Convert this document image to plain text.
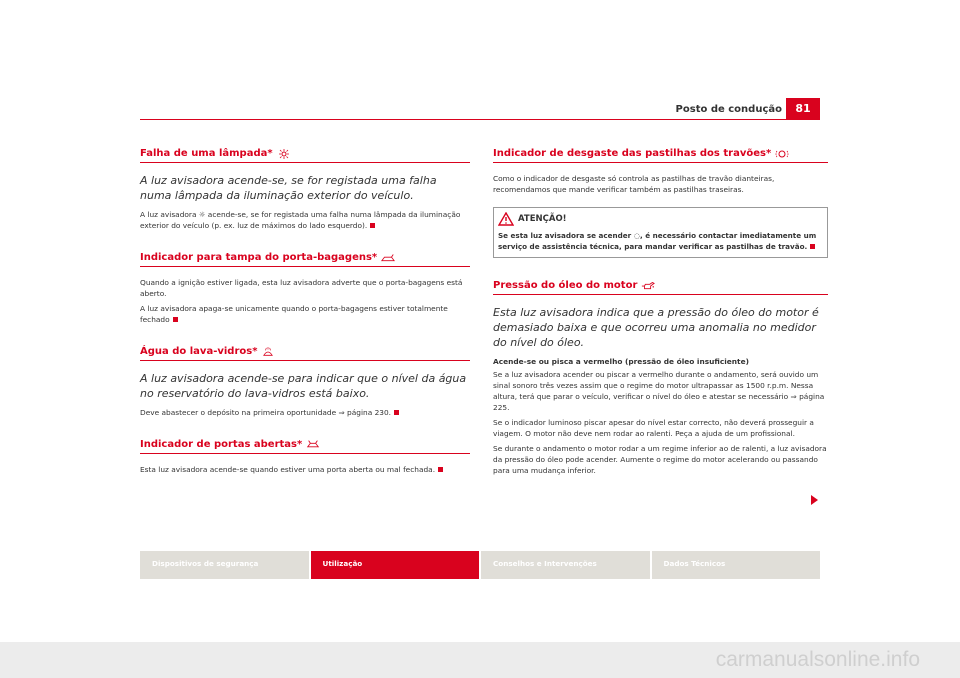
Posto de condução	81
Falha de uma lâmpada*
A luz avisadora acende-se, se for registada uma falha numa lâmpada da iluminação exterior do veículo.

A luz avisadora ☼ acende-se, se for registada uma falha numa lâmpada da iluminação exterior do veículo (p. ex. luz de máximos do lado esquerdo).

Indicador para tampa do porta-bagagens*

Quando a ignição estiver ligada, esta luz avisadora adverte que o porta-bagagens está aberto.

A luz avisadora apaga-se unicamente quando o porta-bagagens estiver totalmente fechado

Água do lava-vidros*
A luz avisadora acende-se para indicar que o nível da água no reservatório do lava-vidros está baixo.

Deve abastecer o depósito na primeira oportunidade ⇒ página 230.

Indicador de portas abertas*

Esta luz avisadora acende-se quando estiver uma porta aberta ou mal fechada.

Indicador de desgaste das pastilhas dos travões*

Como o indicador de desgaste só controla as pastilhas de travão dianteiras, recomendamos que mande verificar também as pastilhas traseiras.

ATENÇÃO!
Se esta luz avisadora se acender ◌, é necessário contactar imediatamente um serviço de assistência técnica, para mandar verificar as pastilhas de travão.
Pressão do óleo do motor
Esta luz avisadora indica que a pressão do óleo do motor é demasiado baixa e que ocorreu uma anomalia no medidor do nível do óleo.

Acende-se ou pisca a vermelho (pressão de óleo insuficiente)

Se a luz avisadora acender ou piscar a vermelho durante o andamento, será ouvido um sinal sonoro três vezes assim que o regime do motor ultrapassar as 1500 r.p.m. Nessa altura, terá que parar o veículo, verificar o nível do óleo e atestar se necessário ⇒ página 225.

Se o indicador luminoso piscar apesar do nível estar correcto, não deverá prosseguir a viagem. O motor não deve nem rodar ao ralenti. Peça a ajuda de um profissional.

Se durante o andamento o motor rodar a um regime inferior ao de ralenti, a luz avisadora da pressão do óleo pode acender. Aumente o regime do motor acelerando ou passando para uma mudança inferior.

Dispositivos de segurança	Utilização	Conselhos e Intervenções	Dados Técnicos
carmanualsonline.info
